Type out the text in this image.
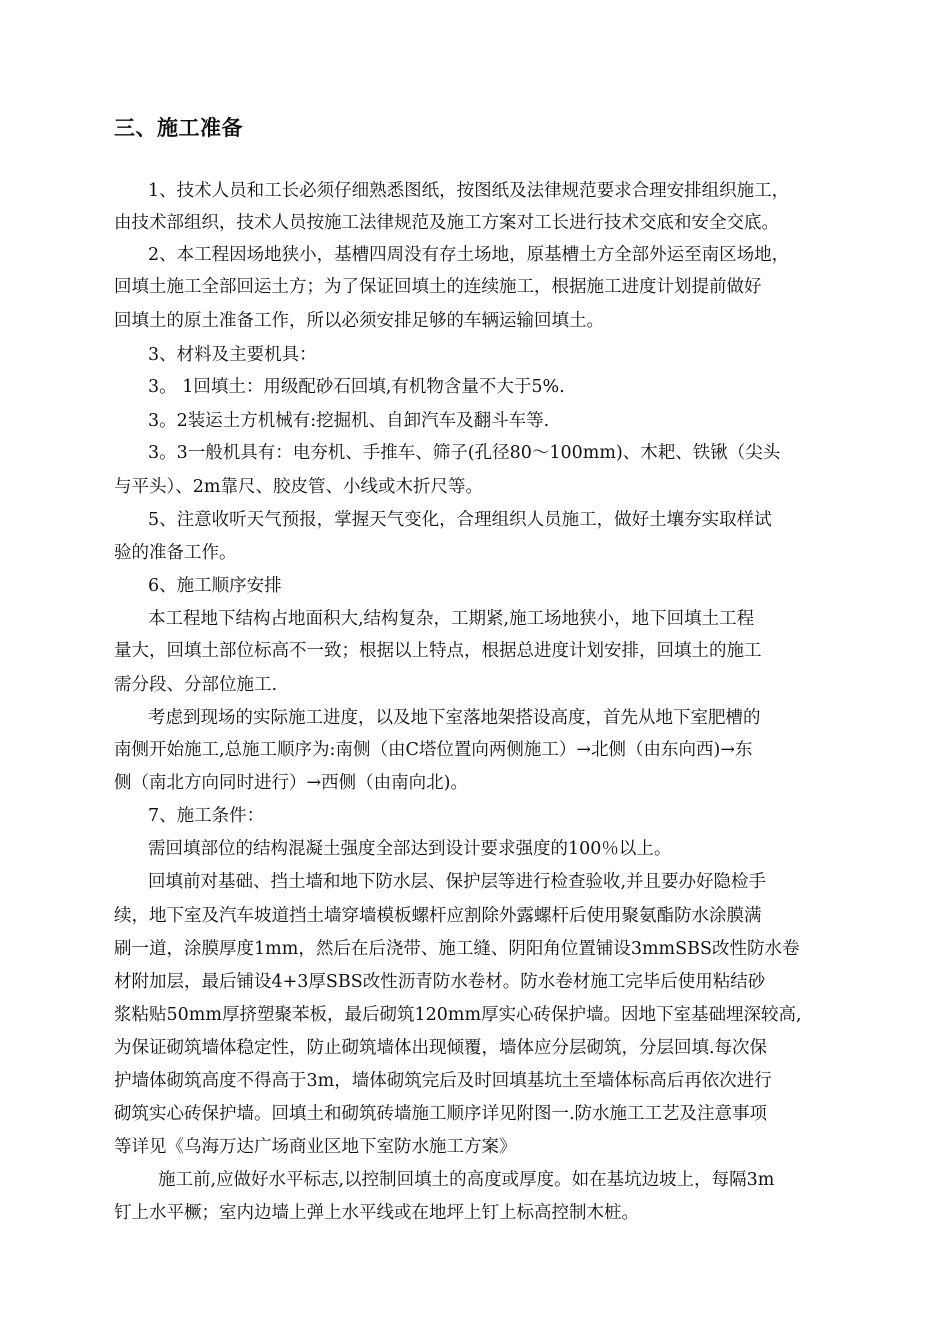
三、施工准备
1、技术人员和工长必须仔细熟悉图纸，按图纸及法律规范要求合理安排组织施工，
由技术部组织，技术人员按施工法律规范及施工方案对工长进行技术交底和安全交底。
2、本工程因场地狭小，基槽四周没有存土场地，原基槽土方全部外运至南区场地，
回填土施工全部回运土方；为了保证回填土的连续施工，根据施工进度计划提前做好
回填土的原土准备工作，所以必须安排足够的车辆运输回填土。
3、材料及主要机具：
3。 1回填土：用级配砂石回填,有机物含量不大于5%.
3。2装运土方机械有:挖掘机、自卸汽车及翻斗车等.
3。3一般机具有：电夯机、手推车、筛子(孔径80～100mm)、木耙、铁锹（尖头
与平头）、2m靠尺、胶皮管、小线或木折尺等。
5、注意收听天气预报，掌握天气变化，合理组织人员施工，做好土壤夯实取样试
验的准备工作。
6、施工顺序安排
本工程地下结构占地面积大,结构复杂，工期紧,施工场地狭小，地下回填土工程
量大，回填土部位标高不一致；根据以上特点，根据总进度计划安排，回填土的施工
需分段、分部位施工.
考虑到现场的实际施工进度，以及地下室落地架搭设高度，首先从地下室肥槽的
南侧开始施工,总施工顺序为:南侧（由C塔位置向两侧施工）→北侧（由东向西)→东
侧（南北方向同时进行）→西侧（由南向北)。
7、施工条件：
需回填部位的结构混凝土强度全部达到设计要求强度的100％以上。
回填前对基础、挡土墙和地下防水层、保护层等进行检查验收,并且要办好隐检手
续，地下室及汽车坡道挡土墙穿墙模板螺杆应割除外露螺杆后使用聚氨酯防水涂膜满
刷一道，涂膜厚度1mm，然后在后浇带、施工缝、阴阳角位置铺设3mmSBS改性防水卷
材附加层，最后铺设4+3厚SBS改性沥青防水卷材。防水卷材施工完毕后使用粘结砂
浆粘贴50mm厚挤塑聚苯板，最后砌筑120mm厚实心砖保护墙。因地下室基础埋深较高,
为保证砌筑墙体稳定性，防止砌筑墙体出现倾覆，墙体应分层砌筑，分层回填.每次保
护墙体砌筑高度不得高于3m，墙体砌筑完后及时回填基坑土至墙体标高后再依次进行
砌筑实心砖保护墙。回填土和砌筑砖墙施工顺序详见附图一.防水施工工艺及注意事项
等详见《乌海万达广场商业区地下室防水施工方案》
施工前,应做好水平标志,以控制回填土的高度或厚度。如在基坑边坡上，每隔3m
钉上水平橛；室内边墙上弹上水平线或在地坪上钉上标高控制木桩。
